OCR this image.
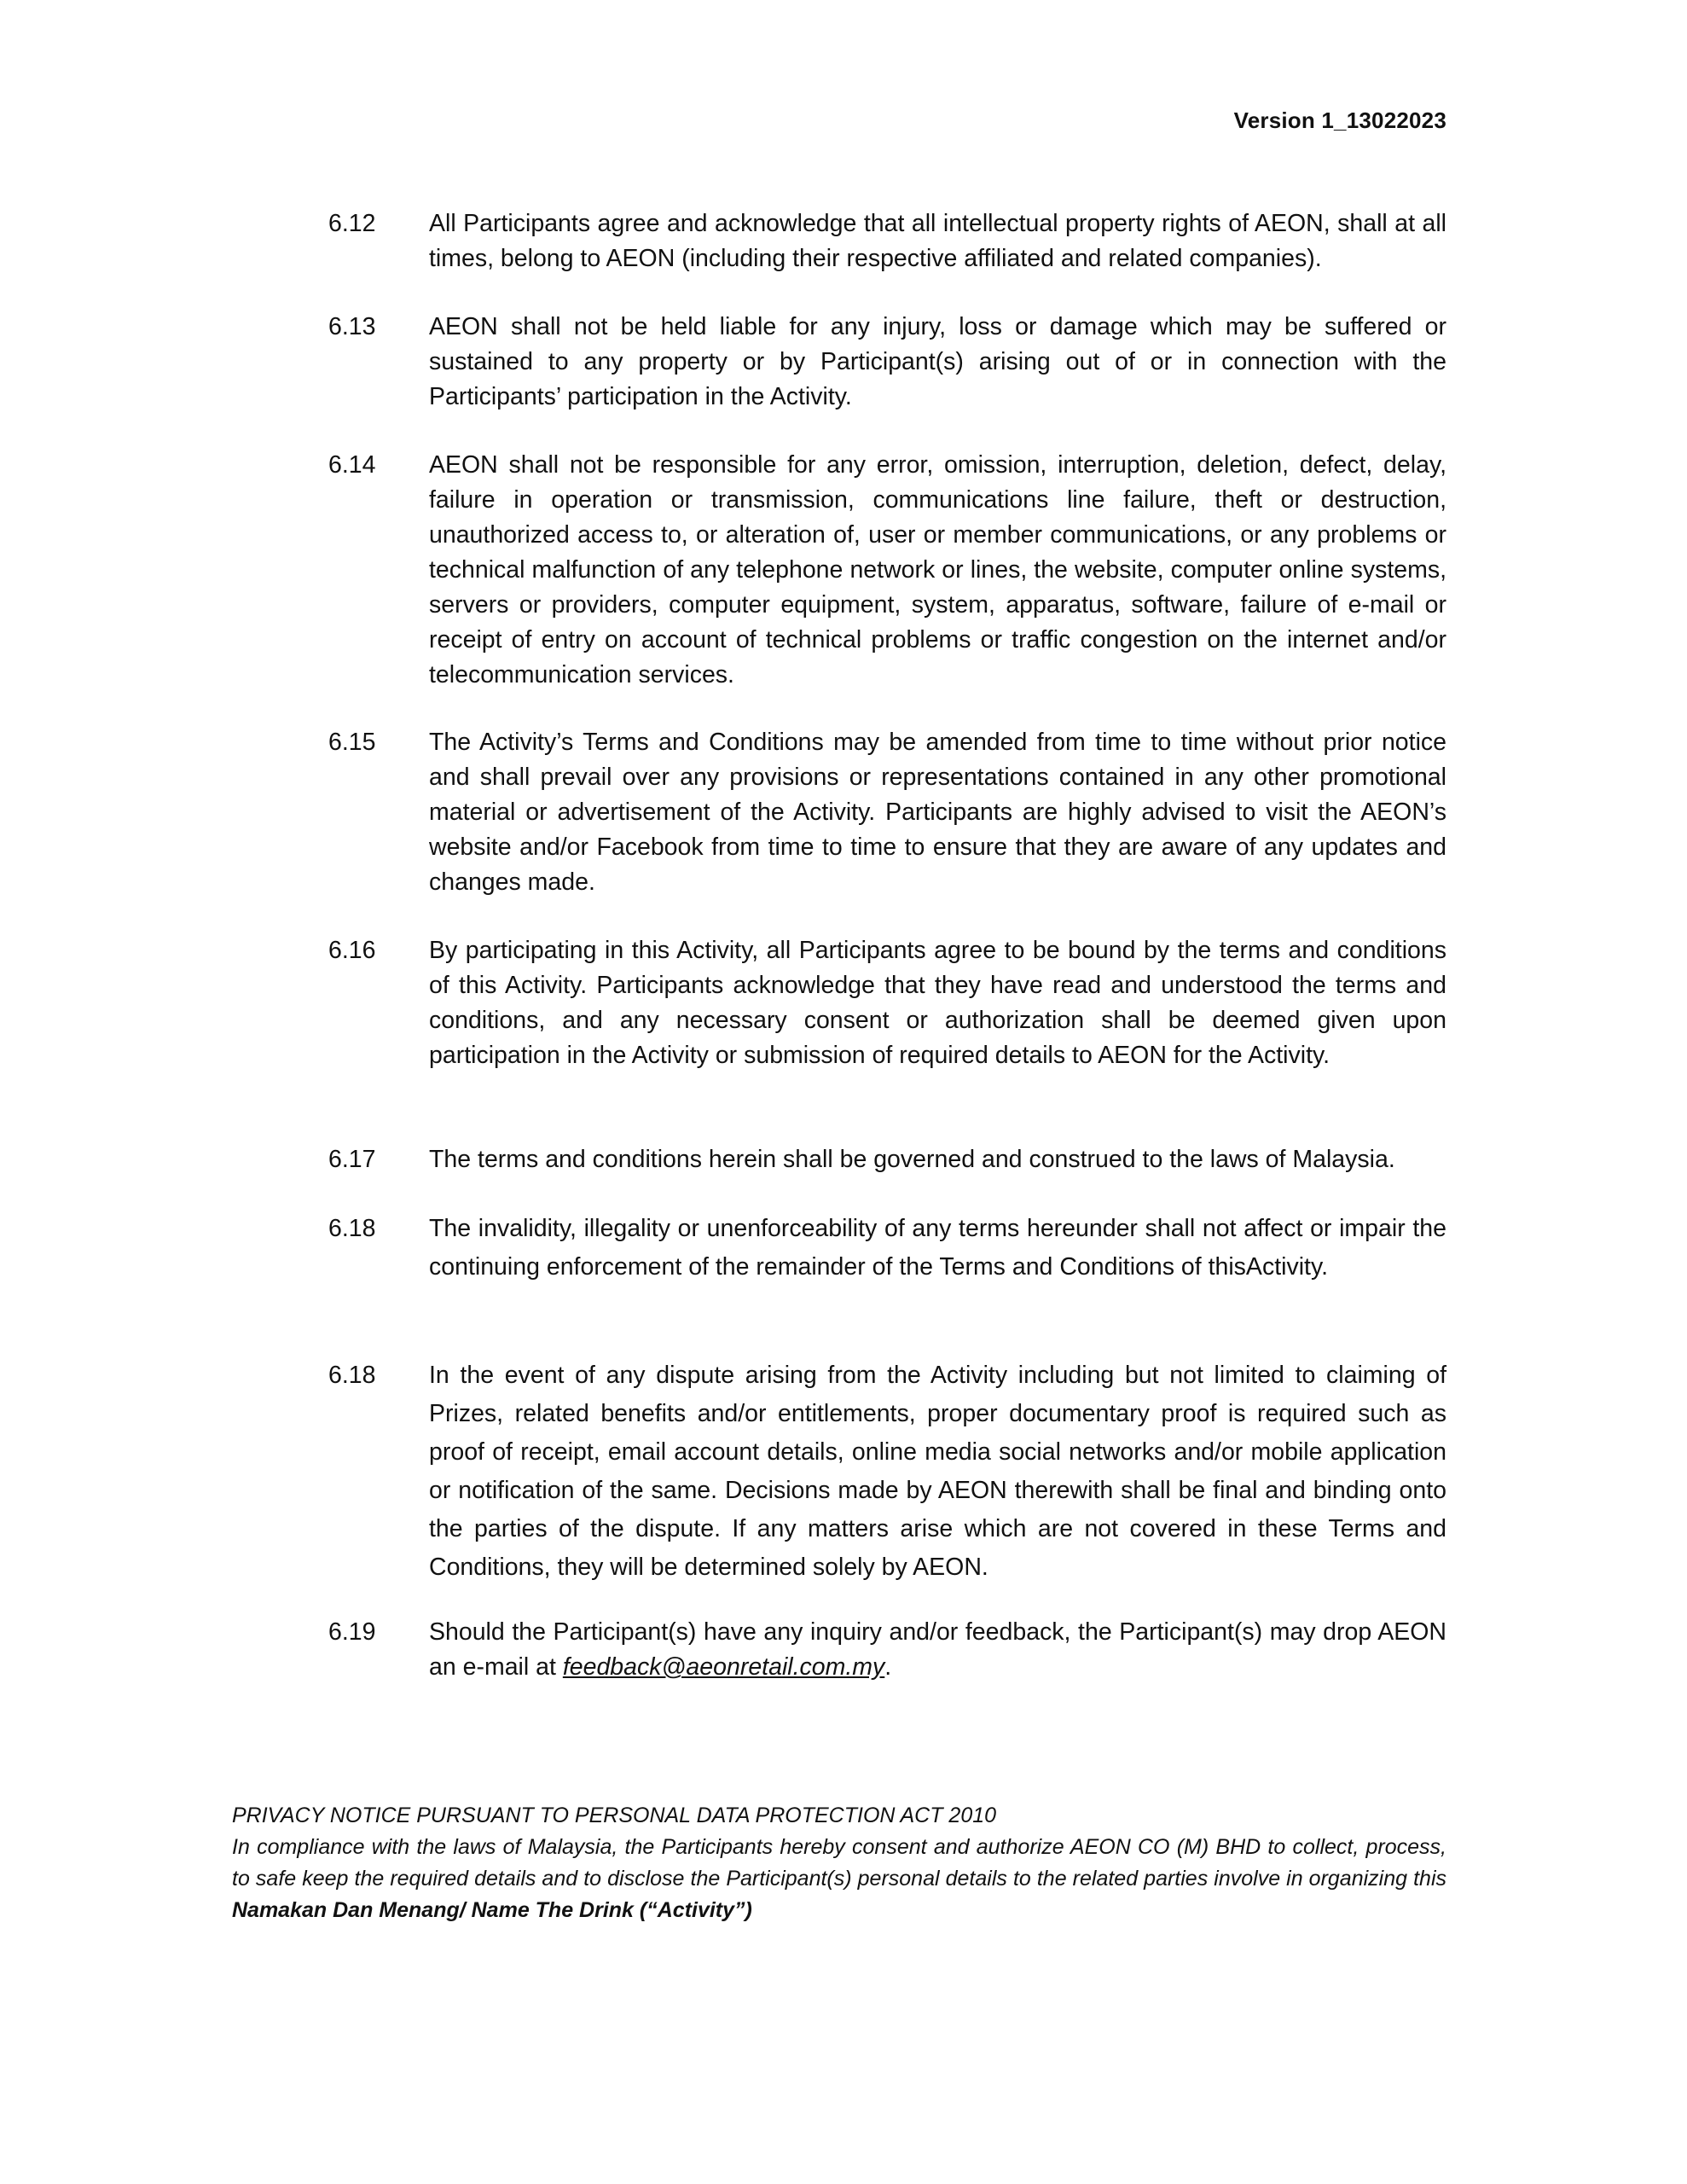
Version 1_13022023
6.12	All Participants agree and acknowledge that all intellectual property rights of AEON, shall at all times, belong to AEON (including their respective affiliated and related companies).
6.13	AEON shall not be held liable for any injury, loss or damage which may be suffered or sustained to any property or by Participant(s) arising out of or in connection with the Participants’ participation in the Activity.
6.14	AEON shall not be responsible for any error, omission, interruption, deletion, defect, delay, failure in operation or transmission, communications line failure, theft or destruction, unauthorized access to, or alteration of, user or member communications, or any problems or technical malfunction of any telephone network or lines, the website, computer online systems, servers or providers, computer equipment, system, apparatus, software, failure of e-mail or receipt of entry on account of technical problems or traffic congestion on the internet and/or telecommunication services.
6.15	The Activity’s Terms and Conditions may be amended from time to time without prior notice and shall prevail over any provisions or representations contained in any other promotional material or advertisement of the Activity. Participants are highly advised to visit the AEON’s website and/or Facebook from time to time to ensure that they are aware of any updates and changes made.
6.16	By participating in this Activity, all Participants agree to be bound by the terms and conditions of this Activity. Participants acknowledge that they have read and understood the terms and conditions, and any necessary consent or authorization shall be deemed given upon participation in the Activity or submission of required details to AEON for the Activity.
6.17	The terms and conditions herein shall be governed and construed to the laws of Malaysia.
6.18	The invalidity, illegality or unenforceability of any terms hereunder shall not affect or impair the continuing enforcement of the remainder of the Terms and Conditions of thisActivity.
6.18	In the event of any dispute arising from the Activity including but not limited to claiming of Prizes, related benefits and/or entitlements, proper documentary proof is required such as proof of receipt, email account details, online media social networks and/or mobile application or notification of the same. Decisions made by AEON therewith shall be final and binding onto the parties of the dispute. If any matters arise which are not covered in these Terms and Conditions, they will be determined solely by AEON.
6.19	Should the Participant(s) have any inquiry and/or feedback, the Participant(s) may drop AEON an e-mail at feedback@aeonretail.com.my.
PRIVACY NOTICE PURSUANT TO PERSONAL DATA PROTECTION ACT 2010
In compliance with the laws of Malaysia, the Participants hereby consent and authorize AEON CO (M) BHD to collect, process, to safe keep the required details and to disclose the Participant(s) personal details to the related parties involve in organizing this Namakan Dan Menang/ Name The Drink (“Activity”)
